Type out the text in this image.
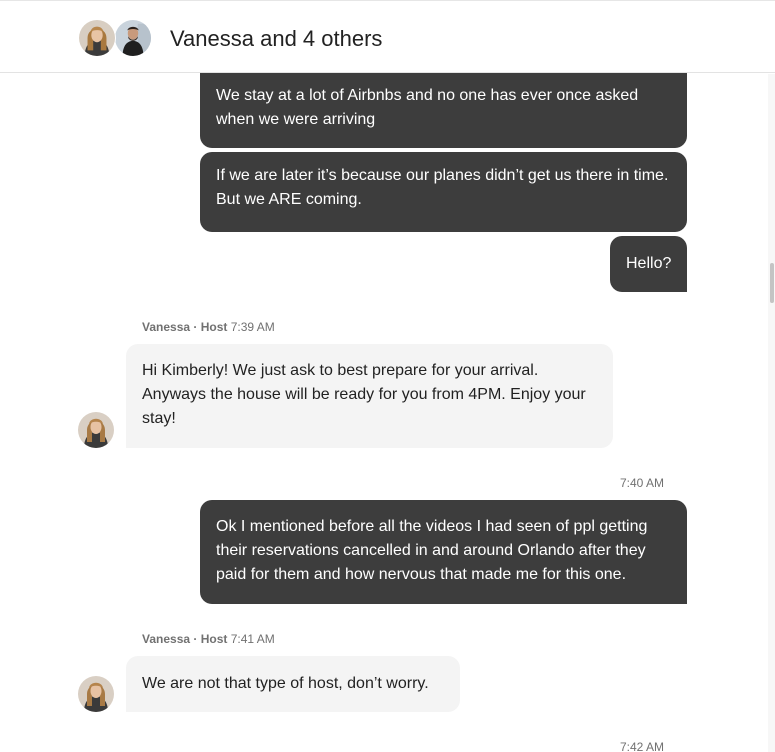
We stay at a lot of Airbnbs and no one has ever once asked when we were arriving
If we are later it’s because our planes didn’t get us there in time. But we ARE coming.
Hello?
Vanessa · Host 7:39 AM
Hi Kimberly! We just ask to best prepare for your arrival. Anyways the house will be ready for you from 4PM. Enjoy your stay!
7:40 AM
Ok I mentioned before all the videos I had seen of ppl getting their reservations cancelled in and around Orlando after they paid for them and how nervous that made me for this one.
Vanessa · Host 7:41 AM
We are not that type of host, don’t worry.
7:42 AM
Vanessa and 4 others
